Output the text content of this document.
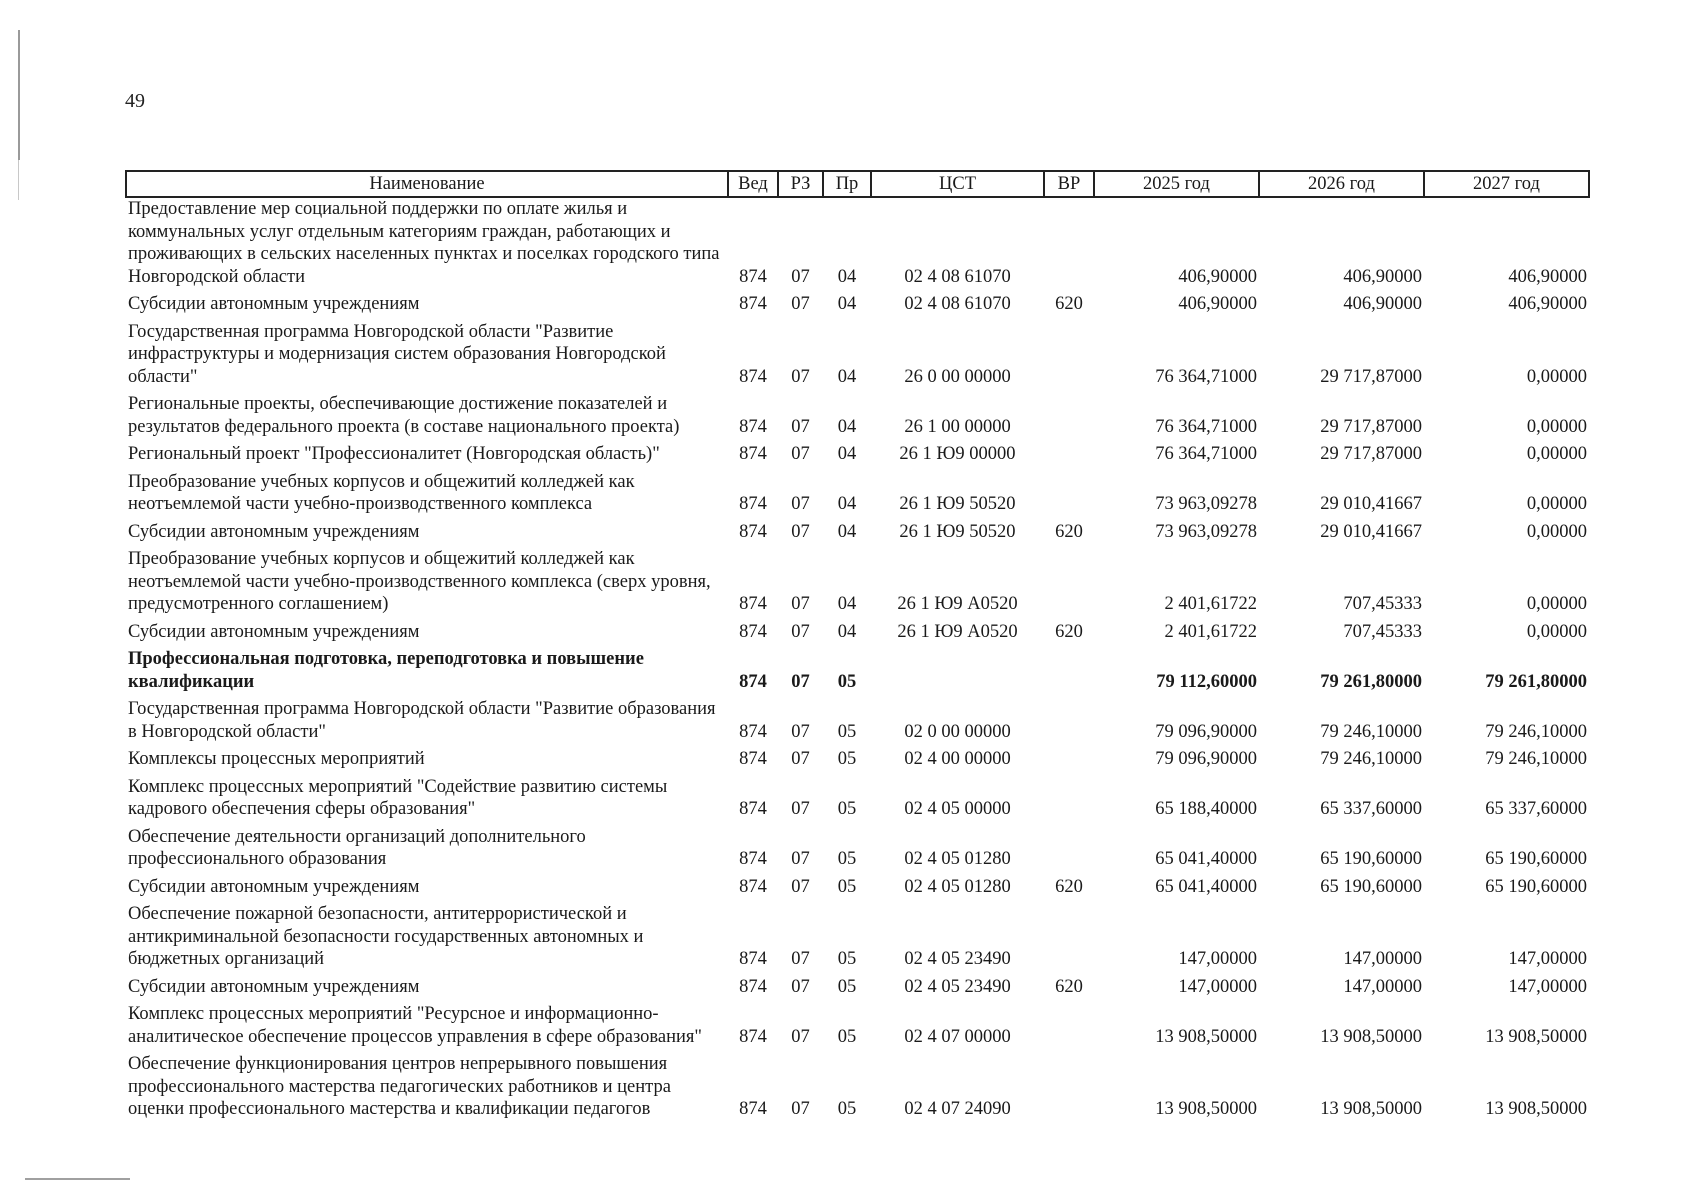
49
Наименование	Вед	РЗ	Пр	ЦСТ	ВР	2025 год	2026 год	2027 год
Предоставление мер социальной поддержки по оплате жилья и коммунальных услуг отдельным категориям граждан, работающих и проживающих в сельских населенных пунктах и поселках городского типа Новгородской области	874	07	04	02 4 08 61070		406,90000	406,90000	406,90000
Субсидии автономным учреждениям	874	07	04	02 4 08 61070	620	406,90000	406,90000	406,90000
Государственная программа Новгородской области "Развитие инфраструктуры и модернизация систем образования Новгородской области"	874	07	04	26 0 00 00000		76 364,71000	29 717,87000	0,00000
Региональные проекты, обеспечивающие достижение показателей и результатов федерального проекта (в составе национального проекта)	874	07	04	26 1 00 00000		76 364,71000	29 717,87000	0,00000
Региональный проект "Профессионалитет (Новгородская область)"	874	07	04	26 1 Ю9 00000		76 364,71000	29 717,87000	0,00000
Преобразование учебных корпусов и общежитий колледжей как неотъемлемой части учебно-производственного комплекса	874	07	04	26 1 Ю9 50520		73 963,09278	29 010,41667	0,00000
Субсидии автономным учреждениям	874	07	04	26 1 Ю9 50520	620	73 963,09278	29 010,41667	0,00000
Преобразование учебных корпусов и общежитий колледжей как неотъемлемой части учебно-производственного комплекса (сверх уровня, предусмотренного соглашением)	874	07	04	26 1 Ю9 А0520		2 401,61722	707,45333	0,00000
Субсидии автономным учреждениям	874	07	04	26 1 Ю9 А0520	620	2 401,61722	707,45333	0,00000
Профессиональная подготовка, переподготовка и повышение квалификации	874	07	05			79 112,60000	79 261,80000	79 261,80000
Государственная программа Новгородской области "Развитие образования в Новгородской области"	874	07	05	02 0 00 00000		79 096,90000	79 246,10000	79 246,10000
Комплексы процессных мероприятий	874	07	05	02 4 00 00000		79 096,90000	79 246,10000	79 246,10000
Комплекс процессных мероприятий "Содействие развитию системы кадрового обеспечения сферы образования"	874	07	05	02 4 05 00000		65 188,40000	65 337,60000	65 337,60000
Обеспечение деятельности организаций дополнительного профессионального образования	874	07	05	02 4 05 01280		65 041,40000	65 190,60000	65 190,60000
Субсидии автономным учреждениям	874	07	05	02 4 05 01280	620	65 041,40000	65 190,60000	65 190,60000
Обеспечение пожарной безопасности, антитеррористической и антикриминальной безопасности государственных автономных и бюджетных организаций	874	07	05	02 4 05 23490		147,00000	147,00000	147,00000
Субсидии автономным учреждениям	874	07	05	02 4 05 23490	620	147,00000	147,00000	147,00000
Комплекс процессных мероприятий "Ресурсное и информационно-аналитическое обеспечение процессов управления в сфере образования"	874	07	05	02 4 07 00000		13 908,50000	13 908,50000	13 908,50000
Обеспечение функционирования центров непрерывного повышения профессионального мастерства педагогических работников и центра оценки профессионального мастерства и квалификации педагогов	874	07	05	02 4 07 24090		13 908,50000	13 908,50000	13 908,50000
